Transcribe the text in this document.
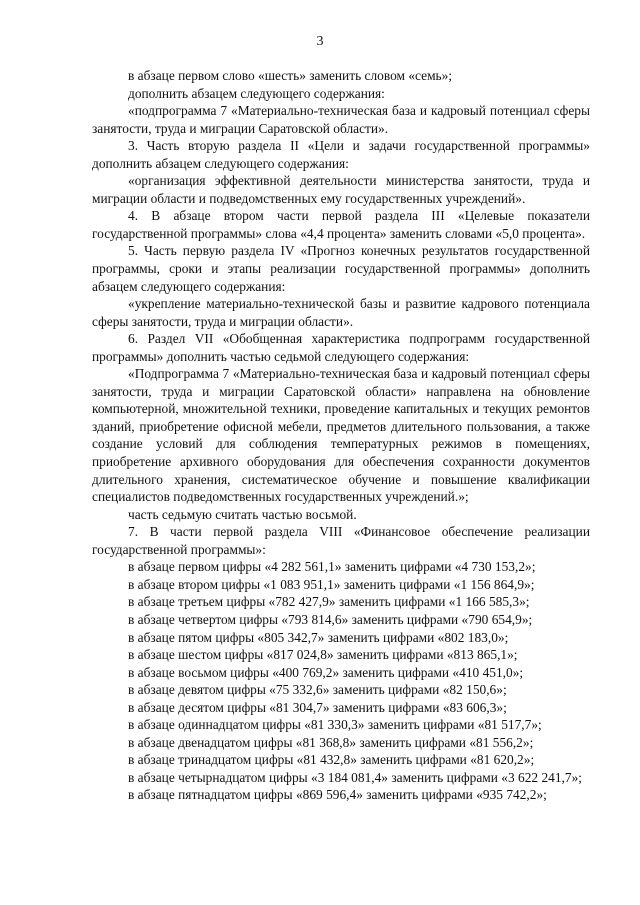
3

в абзаце первом слово «шесть» заменить словом «семь»;

дополнить абзацем следующего содержания:

«подпрограмма 7 «Материально-техническая база и кадровый потенциал сферы занятости, труда и миграции Саратовской области».

3. Часть вторую раздела II «Цели и задачи государственной программы» дополнить абзацем следующего содержания:

«организация эффективной деятельности министерства занятости, труда и миграции области и подведомственных ему государственных учреждений».

4. В абзаце втором части первой раздела III «Целевые показатели государственной программы» слова «4,4 процента» заменить словами «5,0 процента».

5. Часть первую раздела IV «Прогноз конечных результатов государственной программы, сроки и этапы реализации государственной программы» дополнить абзацем следующего содержания:

«укрепление материально-технической базы и развитие кадрового потенциала сферы занятости, труда и миграции области».

6. Раздел VII «Обобщенная характеристика подпрограмм государственной программы» дополнить частью седьмой следующего содержания:

«Подпрограмма 7 «Материально-техническая база и кадровый потенциал сферы занятости, труда и миграции Саратовской области» направлена на обновление компьютерной, множительной техники, проведение капитальных и текущих ремонтов зданий, приобретение офисной мебели, предметов длительного пользования, а также создание условий для соблюдения температурных режимов в помещениях, приобретение архивного оборудования для обеспечения сохранности документов длительного хранения, систематическое обучение и повышение квалификации специалистов подведомственных государственных учреждений.»;

часть седьмую считать частью восьмой.

7. В части первой раздела VIII «Финансовое обеспечение реализации государственной программы»:

в абзаце первом цифры «4 282 561,1» заменить цифрами «4 730 153,2»;

в абзаце втором цифры «1 083 951,1» заменить цифрами «1 156 864,9»;

в абзаце третьем цифры «782 427,9» заменить цифрами «1 166 585,3»;

в абзаце четвертом цифры «793 814,6» заменить цифрами «790 654,9»;

в абзаце пятом цифры «805 342,7» заменить цифрами «802 183,0»;

в абзаце шестом цифры «817 024,8» заменить цифрами «813 865,1»;

в абзаце восьмом цифры «400 769,2» заменить цифрами «410 451,0»;

в абзаце девятом цифры «75 332,6» заменить цифрами «82 150,6»;

в абзаце десятом цифры «81 304,7» заменить цифрами «83 606,3»;

в абзаце одиннадцатом цифры «81 330,3» заменить цифрами «81 517,7»;

в абзаце двенадцатом цифры «81 368,8» заменить цифрами «81 556,2»;

в абзаце тринадцатом цифры «81 432,8» заменить цифрами «81 620,2»;

в абзаце четырнадцатом цифры «3 184 081,4» заменить цифрами «3 622 241,7»;

в абзаце пятнадцатом цифры «869 596,4» заменить цифрами «935 742,2»;
